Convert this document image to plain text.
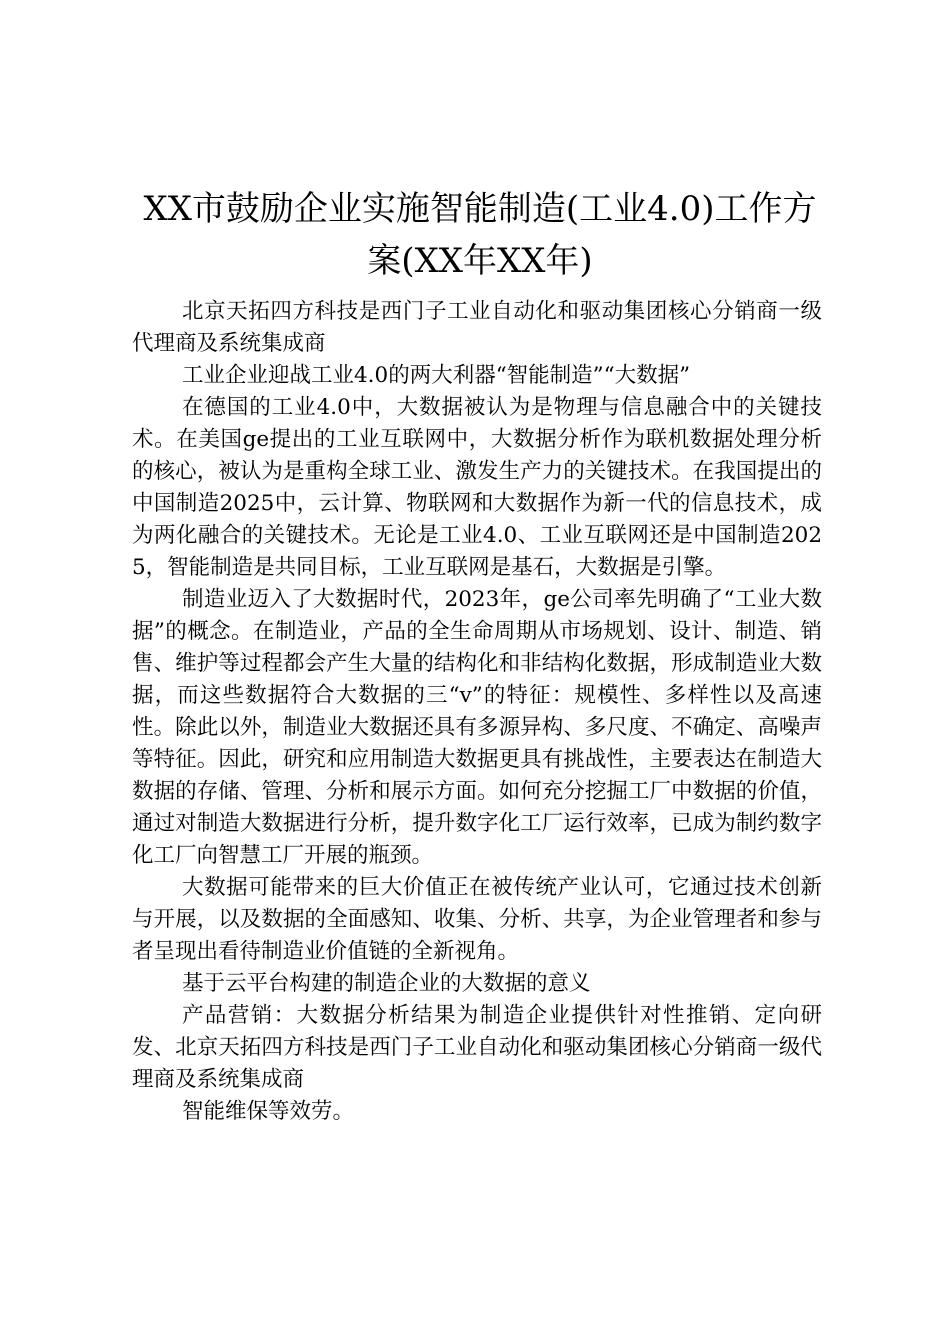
XX市鼓励企业实施智能制造(工业4.0)工作方
案(XX年XX年)

北京天拓四方科技是西门子工业自动化和驱动集团核心分销商一级代理商及系统集成商

工业企业迎战工业4.0的两大利器“智能制造”“大数据”

在德国的工业4.0中，大数据被认为是物理与信息融合中的关键技术。在美国ge提出的工业互联网中，大数据分析作为联机数据处理分析的核心，被认为是重构全球工业、激发生产力的关键技术。在我国提出的中国制造2025中，云计算、物联网和大数据作为新一代的信息技术，成为两化融合的关键技术。无论是工业4.0、工业互联网还是中国制造2025，智能制造是共同目标，工业互联网是基石，大数据是引擎。

制造业迈入了大数据时代，2023年，ge公司率先明确了“工业大数据”的概念。在制造业，产品的全生命周期从市场规划、设计、制造、销售、维护等过程都会产生大量的结构化和非结构化数据，形成制造业大数据，而这些数据符合大数据的三“v”的特征：规模性、多样性以及高速性。除此以外，制造业大数据还具有多源异构、多尺度、不确定、高噪声等特征。因此，研究和应用制造大数据更具有挑战性，主要表达在制造大数据的存储、管理、分析和展示方面。如何充分挖掘工厂中数据的价值，通过对制造大数据进行分析，提升数字化工厂运行效率，已成为制约数字化工厂向智慧工厂开展的瓶颈。

大数据可能带来的巨大价值正在被传统产业认可，它通过技术创新与开展，以及数据的全面感知、收集、分析、共享，为企业管理者和参与者呈现出看待制造业价值链的全新视角。

基于云平台构建的制造企业的大数据的意义

产品营销：大数据分析结果为制造企业提供针对性推销、定向研发、北京天拓四方科技是西门子工业自动化和驱动集团核心分销商一级代理商及系统集成商

智能维保等效劳。
